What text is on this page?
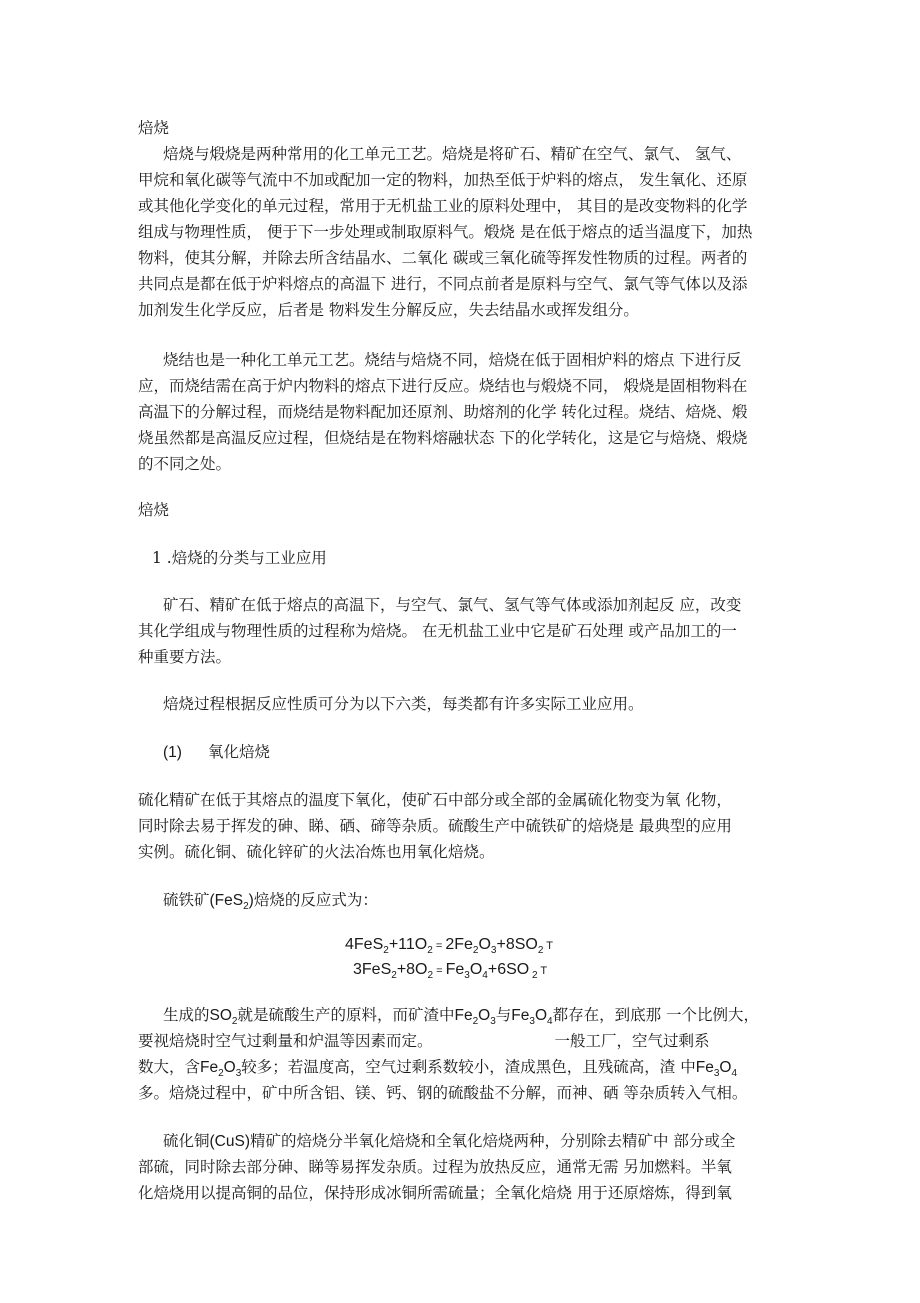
焙烧

焙烧与煅烧是两种常用的化工单元工艺。焙烧是将矿石、精矿在空气、氯气、 氢气、

甲烷和氧化碳等气流中不加或配加一定的物料，加热至低于炉料的熔点， 发生氧化、还原

或其他化学变化的单元过程，常用于无机盐工业的原料处理中， 其目的是改变物料的化学

组成与物理性质， 便于下一步处理或制取原料气。煅烧 是在低于熔点的适当温度下，加热

物料，使其分解，并除去所含结晶水、二氧化 碳或三氧化硫等挥发性物质的过程。两者的

共同点是都在低于炉料熔点的高温下 进行，不同点前者是原料与空气、氯气等气体以及添

加剂发生化学反应，后者是 物料发生分解反应，失去结晶水或挥发组分。

烧结也是一种化工单元工艺。烧结与焙烧不同，焙烧在低于固相炉料的熔点 下进行反

应，而烧结需在高于炉内物料的熔点下进行反应。烧结也与煅烧不同， 煅烧是固相物料在

高温下的分解过程，而烧结是物料配加还原剂、助熔剂的化学 转化过程。烧结、焙烧、煅

烧虽然都是高温反应过程，但烧结是在物料熔融状态 下的化学转化，这是它与焙烧、煅烧

的不同之处。

焙烧

1 .焙烧的分类与工业应用

矿石、精矿在低于熔点的高温下，与空气、氯气、氢气等气体或添加剂起反 应，改变

其化学组成与物理性质的过程称为焙烧。 在无机盐工业中它是矿石处理 或产品加工的一

种重要方法。

焙烧过程根据反应性质可分为以下六类，每类都有许多实际工业应用。

(1) 氧化焙烧

硫化精矿在低于其熔点的温度下氧化，使矿石中部分或全部的金属硫化物变为氧 化物，

同时除去易于挥发的砷、睇、硒、碲等杂质。硫酸生产中硫铁矿的焙烧是 最典型的应用

实例。硫化铜、硫化锌矿的火法冶炼也用氧化焙烧。

硫铁矿(FeS$_2$)焙烧的反应式为：

$4FeS_2+11O_2 = 2Fe_2O_3+8SO_2$ T
$3FeS_2+8O_2 = Fe_3O_4+6SO$ $_2$ T

生成的$SO_2$就是硫酸生产的原料，而矿渣中$Fe_2O_3$与$Fe_3O_4$都存在，到底那 一个比例大，

要视焙烧时空气过剩量和炉温等因素而定。	一般工厂，空气过剩系

数大，含$Fe_2O_3$较多；若温度高，空气过剩系数较小，渣成黑色，且残硫高，渣 中$Fe_3O_4$

多。焙烧过程中，矿中所含铝、镁、钙、钢的硫酸盐不分解，而神、硒 等杂质转入气相。

硫化铜(CuS)精矿的焙烧分半氧化焙烧和全氧化焙烧两种，分别除去精矿中 部分或全

部硫，同时除去部分砷、睇等易挥发杂质。过程为放热反应，通常无需 另加燃料。半氧

化焙烧用以提高铜的品位，保持形成冰铜所需硫量；全氧化焙烧 用于还原熔炼，得到氧
